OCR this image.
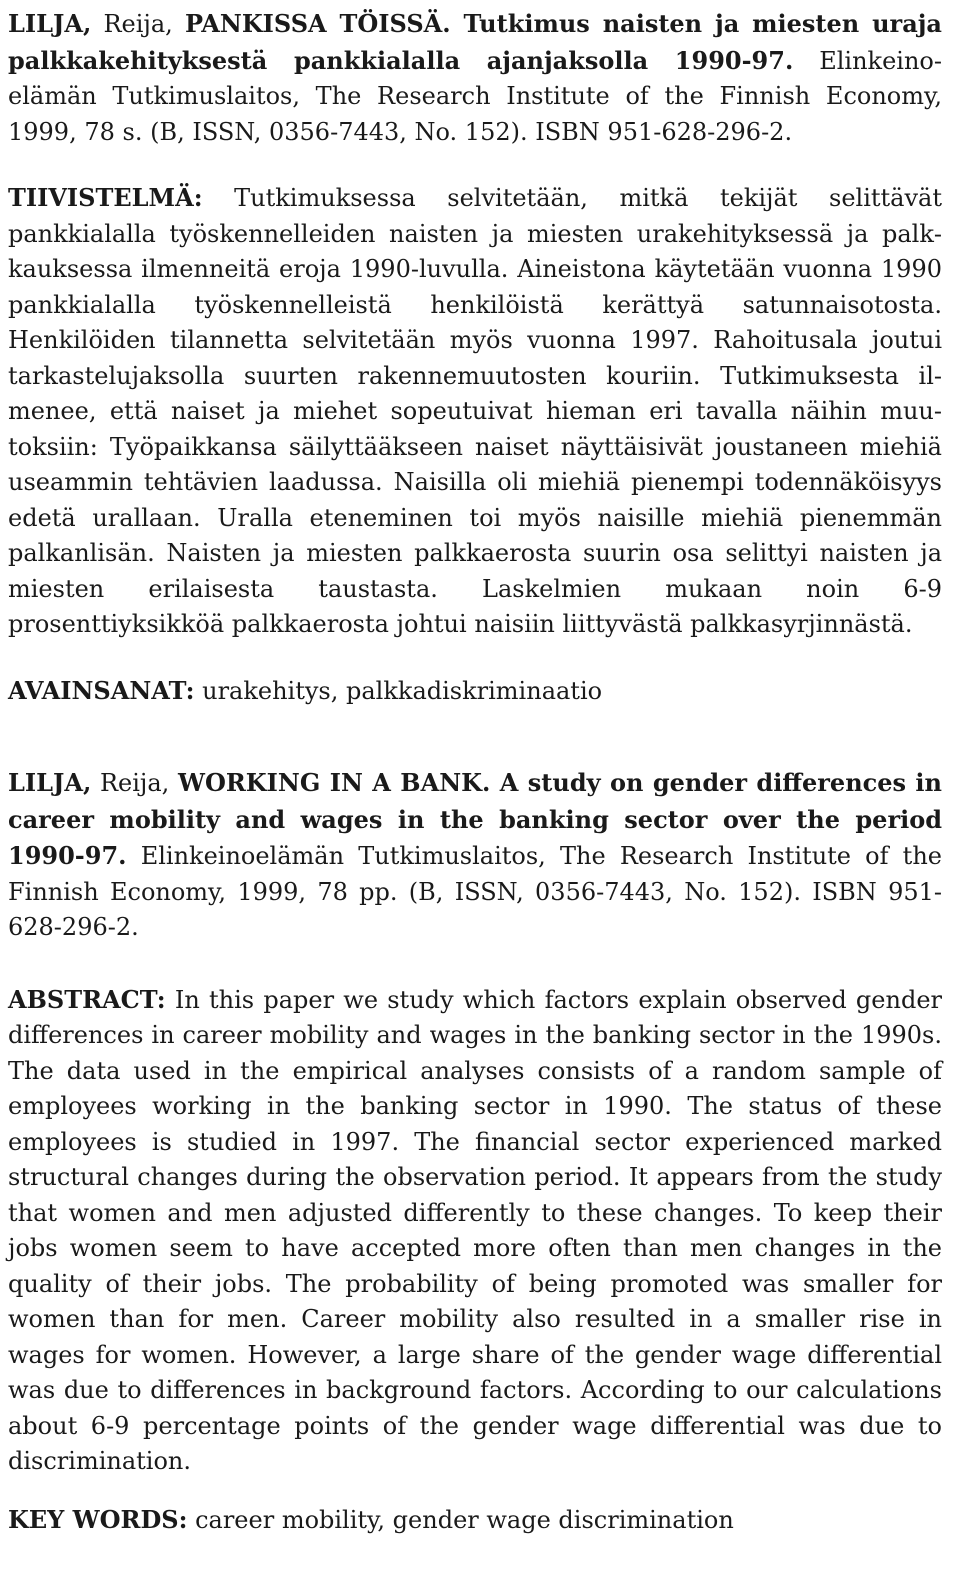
LILJA, Reija, PANKISSA TÖISSÄ. Tutkimus naisten ja miesten uraja palkkakehityksestä pankkialalla ajanjaksolla 1990-97. Elinkeinoelämän Tutkimuslaitos, The Research Institute of the Finnish Economy, 1999, 78 s. (B, ISSN, 0356-7443, No. 152). ISBN 951-628-296-2.

TIIVISTELMÄ: Tutkimuksessa selvitetään, mitkä tekijät selittävät pankkialalla työskennelleiden naisten ja miesten urakehityksessä ja palkkauksessa ilmenneitä eroja 1990-luvulla. Aineistona käytetään vuonna 1990 pankkialalla työskennelleistä henkilöistä kerättyä satunnaisotosta. Henkilöiden tilannetta selvitetään myös vuonna 1997. Rahoitusala joutui tarkastelujaksolla suurten rakennemuutosten kouriin. Tutkimuksesta ilmenee, että naiset ja miehet sopeutuivat hieman eri tavalla näihin muutoksiin: Työpaikkansa säilyttääkseen naiset näyttäisivät joustaneen miehiä useammin tehtävien laadussa. Naisilla oli miehiä pienempi todennäköisyys edetä urallaan. Uralla eteneminen toi myös naisille miehiä pienemmän palkanlisän. Naisten ja miesten palkkaerosta suurin osa selittyi naisten ja miesten erilaisesta taustasta. Laskelmien mukaan noin 6-9 prosenttiyksikköä palkkaerosta johtui naisiin liittyvästä palkkasyrjinnästä.

AVAINSANAT: urakehitys, palkkadiskriminaatio

LILJA, Reija, WORKING IN A BANK. A study on gender differences in career mobility and wages in the banking sector over the period 1990-97. Elinkeinoelämän Tutkimuslaitos, The Research Institute of the Finnish Economy, 1999, 78 pp. (B, ISSN, 0356-7443, No. 152). ISBN 951-628-296-2.

ABSTRACT: In this paper we study which factors explain observed gender differences in career mobility and wages in the banking sector in the 1990s. The data used in the empirical analyses consists of a random sample of employees working in the banking sector in 1990. The status of these employees is studied in 1997. The financial sector experienced marked structural changes during the observation period. It appears from the study that women and men adjusted differently to these changes. To keep their jobs women seem to have accepted more often than men changes in the quality of their jobs. The probability of being promoted was smaller for women than for men. Career mobility also resulted in a smaller rise in wages for women. However, a large share of the gender wage differential was due to differences in background factors. According to our calculations about 6-9 percentage points of the gender wage differential was due to discrimination.

KEY WORDS: career mobility, gender wage discrimination
